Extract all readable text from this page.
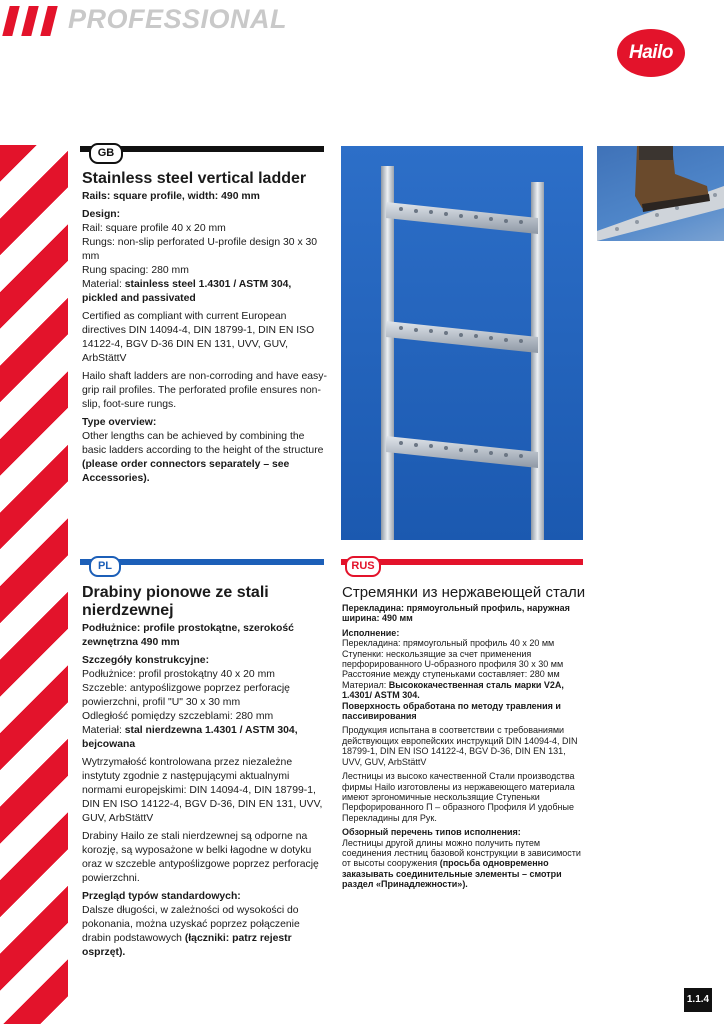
PROFESSIONAL
Hailo
GB
Stainless steel vertical ladder
Rails: square profile, width: 490 mm
Design:
Rail: square profile 40 x 20 mm
Rungs: non-slip perforated U-profile design 30 x 30 mm
Rung spacing: 280 mm
Material: stainless steel 1.4301 / ASTM 304, pickled and passivated
Certified as compliant with current European directives DIN 14094-4, DIN 18799-1, DIN EN ISO 14122-4, BGV D-36 DIN EN 131, UVV, GUV, ArbStättV
Hailo shaft ladders are non-corroding and have easy-grip rail profiles. The perforated profile ensures non-slip, foot-sure rungs.
Type overview:
Other lengths can be achieved by combining the basic ladders according to the height of the structure (please order connectors separately – see Accessories).
PL
Drabiny pionowe ze stali nierdzewnej
Podłużnice: profile prostokątne, szerokość zewnętrzna 490 mm
Szczegóły konstrukcyjne:
Podłużnice: profil prostokątny 40 x 20 mm
Szczeble: antypoślizgowe poprzez perforację powierzchni, profil "U" 30 x 30 mm
Odległość pomiędzy szczeblami: 280 mm
Materiał: stal nierdzewna 1.4301 / ASTM 304, bejcowana
Wytrzymałość kontrolowana przez niezależne instytuty zgodnie z następującymi aktualnymi normami europejskimi: DIN 14094-4, DIN 18799-1, DIN EN ISO 14122-4, BGV D-36, DIN EN 131, UVV, GUV, ArbStättV
Drabiny Hailo ze stali nierdzewnej są odporne na korozję, są wyposażone w belki łagodne w dotyku oraz w szczeble antypoślizgowe poprzez perforację powierzchni.
Przegląd typów standardowych:
Dalsze długości, w zależności od wysokości do pokonania, można uzyskać poprzez połączenie drabin podstawowych (łączniki: patrz rejestr osprzęt).
RUS
Стремянки из нержавеющей стали
Перекладина: прямоугольный профиль, наружная ширина: 490 мм
Исполнение:
Перекладина: прямоугольный профиль 40 х 20 мм
Ступенки: нескользящие за счет применения перфорированного U-образного профиля 30 х 30 мм
Расстояние между ступеньками составляет: 280 мм
Материал: Высококачественная сталь марки V2A, 1.4301/ ASTM 304.
Поверхность обработана по методу травления и пассивирования
Продукция испытана в соответствии с требованиями действующих европейских инструкций DIN 14094-4, DIN 18799-1, DIN EN ISO 14122-4, BGV D-36, DIN EN 131, UVV, GUV, ArbStättV
Лестницы из высоко качественной Стали производства фирмы Hailo изготовлены из нержавеющего материала имеют эргономичные нескользящие Ступеньки Перфорированного П – образного Профиля И удобные Перекладины для Рук.
Обзорный перечень типов исполнения:
Лестницы другой длины можно получить путем соединения лестниц базовой конструкции в зависимости от высоты сооружения (просьба одновременно заказывать соединительные элементы – смотри раздел «Принадлежности»).
1.1.4
